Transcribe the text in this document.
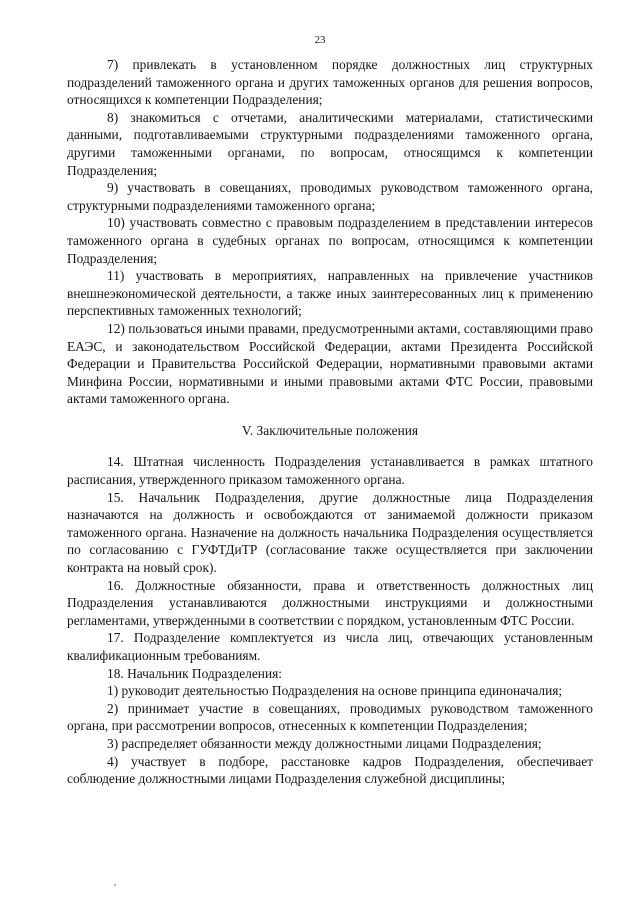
23

7) привлекать в установленном порядке должностных лиц структурных подразделений таможенного органа и других таможенных органов для решения вопросов, относящихся к компетенции Подразделения;

8) знакомиться с отчетами, аналитическими материалами, статистическими данными, подготавливаемыми структурными подразделениями таможенного органа, другими таможенными органами, по вопросам, относящимся к компетенции Подразделения;

9) участвовать в совещаниях, проводимых руководством таможенного органа, структурными подразделениями таможенного органа;

10) участвовать совместно с правовым подразделением в представлении интересов таможенного органа в судебных органах по вопросам, относящимся к компетенции Подразделения;

11) участвовать в мероприятиях, направленных на привлечение участников внешнеэкономической деятельности, а также иных заинтересованных лиц к применению перспективных таможенных технологий;

12) пользоваться иными правами, предусмотренными актами, составляющими право ЕАЭС, и законодательством Российской Федерации, актами Президента Российской Федерации и Правительства Российской Федерации, нормативными правовыми актами Минфина России, нормативными и иными правовыми актами ФТС России, правовыми актами таможенного органа.

V. Заключительные положения

14. Штатная численность Подразделения устанавливается в рамках штатного расписания, утвержденного приказом таможенного органа.

15. Начальник Подразделения, другие должностные лица Подразделения назначаются на должность и освобождаются от занимаемой должности приказом таможенного органа. Назначение на должность начальника Подразделения осуществляется по согласованию с ГУФТДиТР (согласование также осуществляется при заключении контракта на новый срок).

16. Должностные обязанности, права и ответственность должностных лиц Подразделения устанавливаются должностными инструкциями и должностными регламентами, утвержденными в соответствии с порядком, установленным ФТС России.

17. Подразделение комплектуется из числа лиц, отвечающих установленным квалификационным требованиям.

18. Начальник Подразделения:

1) руководит деятельностью Подразделения на основе принципа единоначалия;

2) принимает участие в совещаниях, проводимых руководством таможенного органа, при рассмотрении вопросов, отнесенных к компетенции Подразделения;

3) распределяет обязанности между должностными лицами Подразделения;

4) участвует в подборе, расстановке кадров Подразделения, обеспечивает соблюдение должностными лицами Подразделения служебной дисциплины;
